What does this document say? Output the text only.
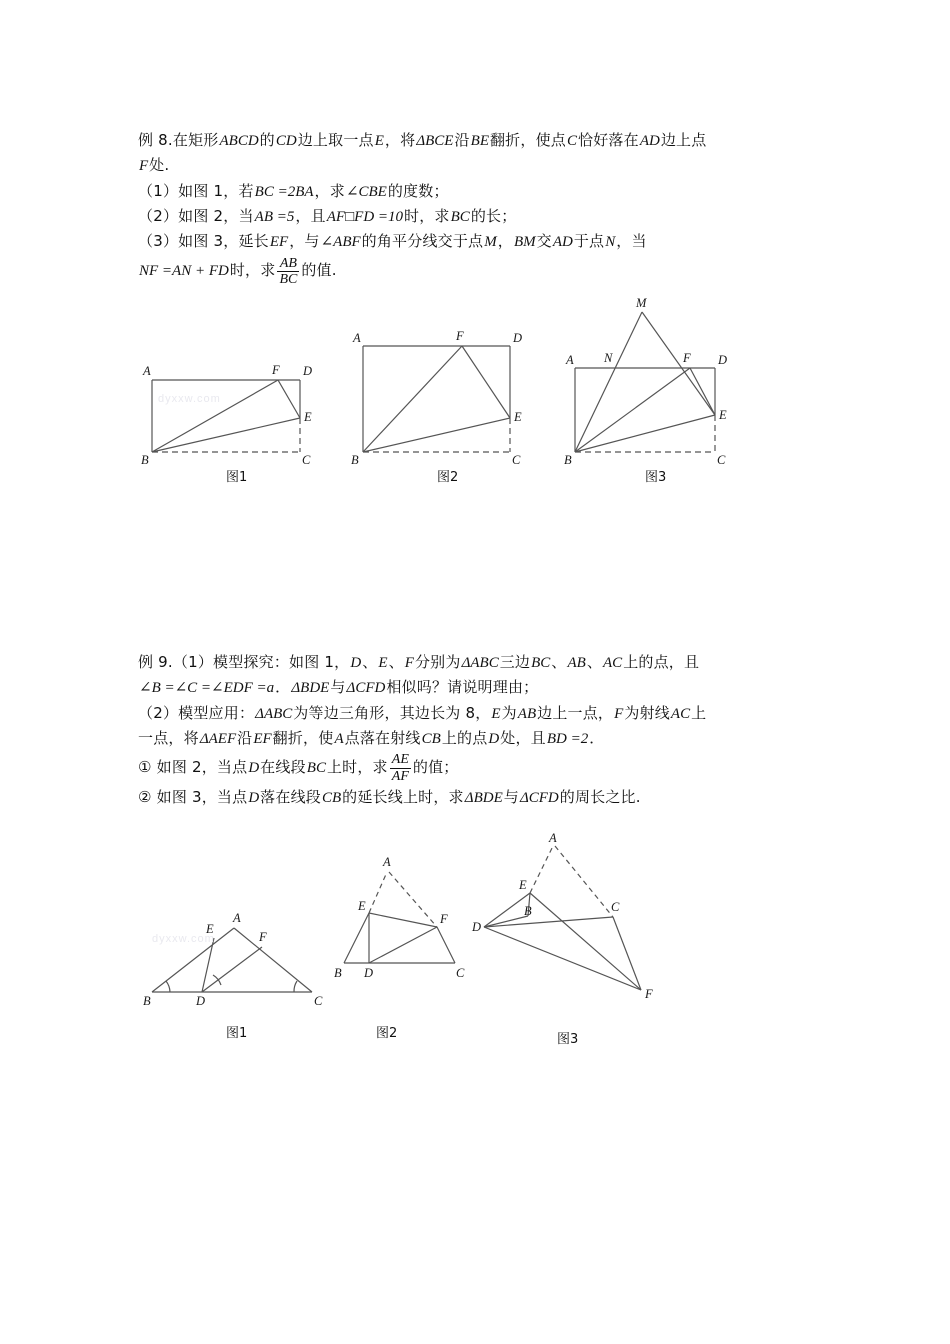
例 8.在矩形ABCD的CD边上取一点E，将ΔBCE沿BE翻折，使点C恰好落在AD边上点
F处.
（1）如图 1，若BC =2BA，求∠CBE的度数；
（2）如图 2，当AB =5，且AF□FD =10时，求BC的长；
（3）如图 3，延长EF，与∠ABF的角平分线交于点M，BM交AD于点N，当
NF =AN + FD时，求 $\frac{AB}{BC}$ 的值.
A	D
B	C
F
E
A	D
B	C
F
E
A	D
B	C
N	F
E
M
图1	图2	图3
例 9.（1）模型探究：如图 1，D、E、F分别为ΔABC三边BC、AB、AC上的点，且
∠B =∠C =∠EDF =a．ΔBDE与ΔCFD相似吗？请说明理由；
（2）模型应用：ΔABC为等边三角形，其边长为 8，E为AB边上一点，F为射线AC上
一点，将ΔAEF沿EF翻折，使A点落在射线CB上的点D处，且BD =2．
① 如图 2，当点D在线段BC上时，求 $\frac{AE}{AF}$ 的值；
② 如图 3，当点D落在线段CB的延长线上时，求ΔBDE与ΔCFD的周长之比.
B	C
A
E
F
D
A
E
F
B D	C
A
E
B
D
C
F
图1	图2	图3
dyxxw.com
dyxxw.com
